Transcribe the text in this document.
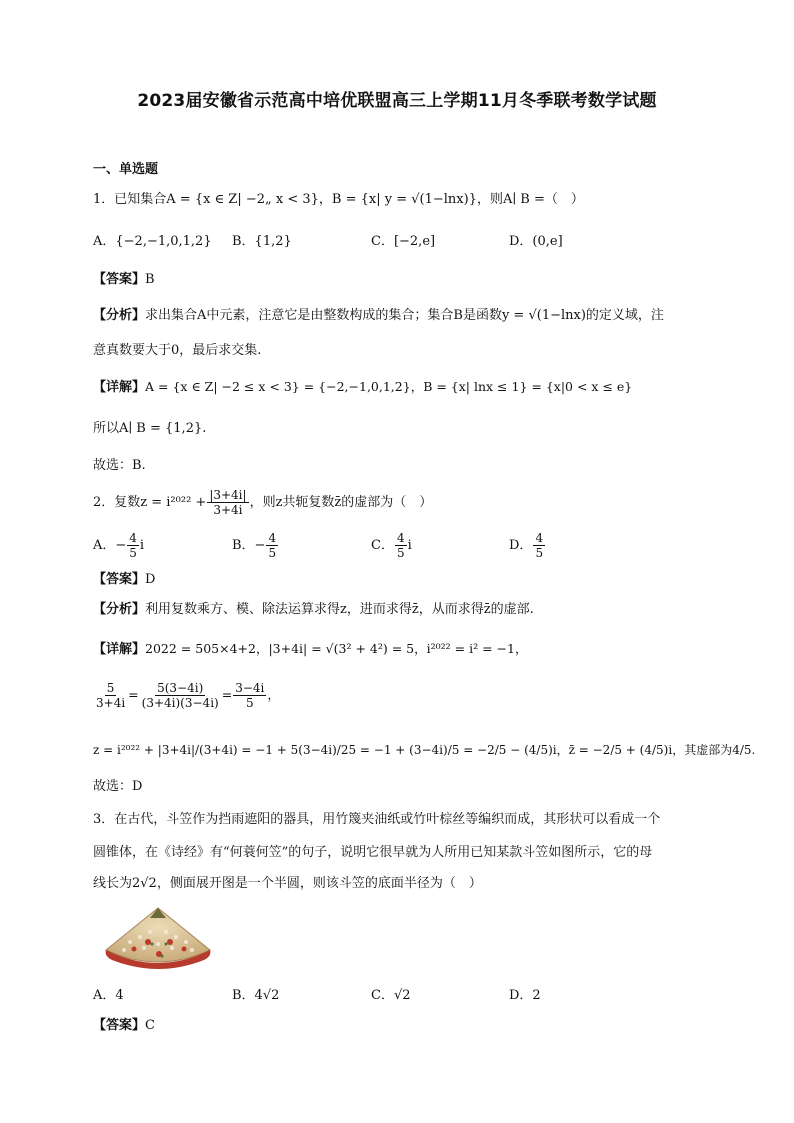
2023届安徽省示范高中培优联盟高三上学期11月冬季联考数学试题
一、单选题
1．已知集合A = {x ∈ Z| −2„ x < 3}，B = {x| y = √(1−lnx)}，则A∣ B =（　）
A．{−2,−1,0,1,2} B．{1,2}	C．[−2,e]	D．(0,e]
【答案】B
【分析】求出集合A中元素，注意它是由整数构成的集合；集合B是函数y = √(1−lnx)的定义域，注
意真数要大于0，最后求交集.
【详解】A = {x ∈ Z| −2 ≤ x < 3} = {−2,−1,0,1,2}，B = {x| lnx ≤ 1} = {x|0 < x ≤ e}
所以A∣ B = {1,2}.
故选：B.
2．复数$z = i^{2022} + \frac{|3+4i|}{3+4i}$ ，则z共轭复数z̄的虚部为（　）
A．− $\frac{4}{5}$ i	B．− $\frac{4}{5}$	C． $\frac{4}{5}$ i	D． $\frac{4}{5}$
【答案】D
【分析】利用复数乘方、模、除法运算求得z，进而求得z̄，从而求得z̄的虚部.
【详解】2022 = 505×4+2，|3+4i| = √(3² + 4²) = 5，i²⁰²² = i² = −1，
$\frac{5}{3+4i} = \frac{5(3-4i)}{(3+4i)(3-4i)} = \frac{3-4i}{5}$ ，
z = i²⁰²² + |3+4i|/(3+4i) = −1 + 5(3−4i)/25 = −1 + (3−4i)/5 = −2/5 − (4/5)i，z̄ = −2/5 + (4/5)i，其虚部为4/5.
故选：D
3．在古代，斗笠作为挡雨遮阳的器具，用竹篾夹油纸或竹叶棕丝等编织而成，其形状可以看成一个
圆锥体，在《诗经》有“何蓑何笠”的句子，说明它很早就为人所用已知某款斗笠如图所示，它的母
线长为2√2，侧面展开图是一个半圆，则该斗笠的底面半径为（　）
A．4	B．4√2	C．√2	D．2
【答案】C
